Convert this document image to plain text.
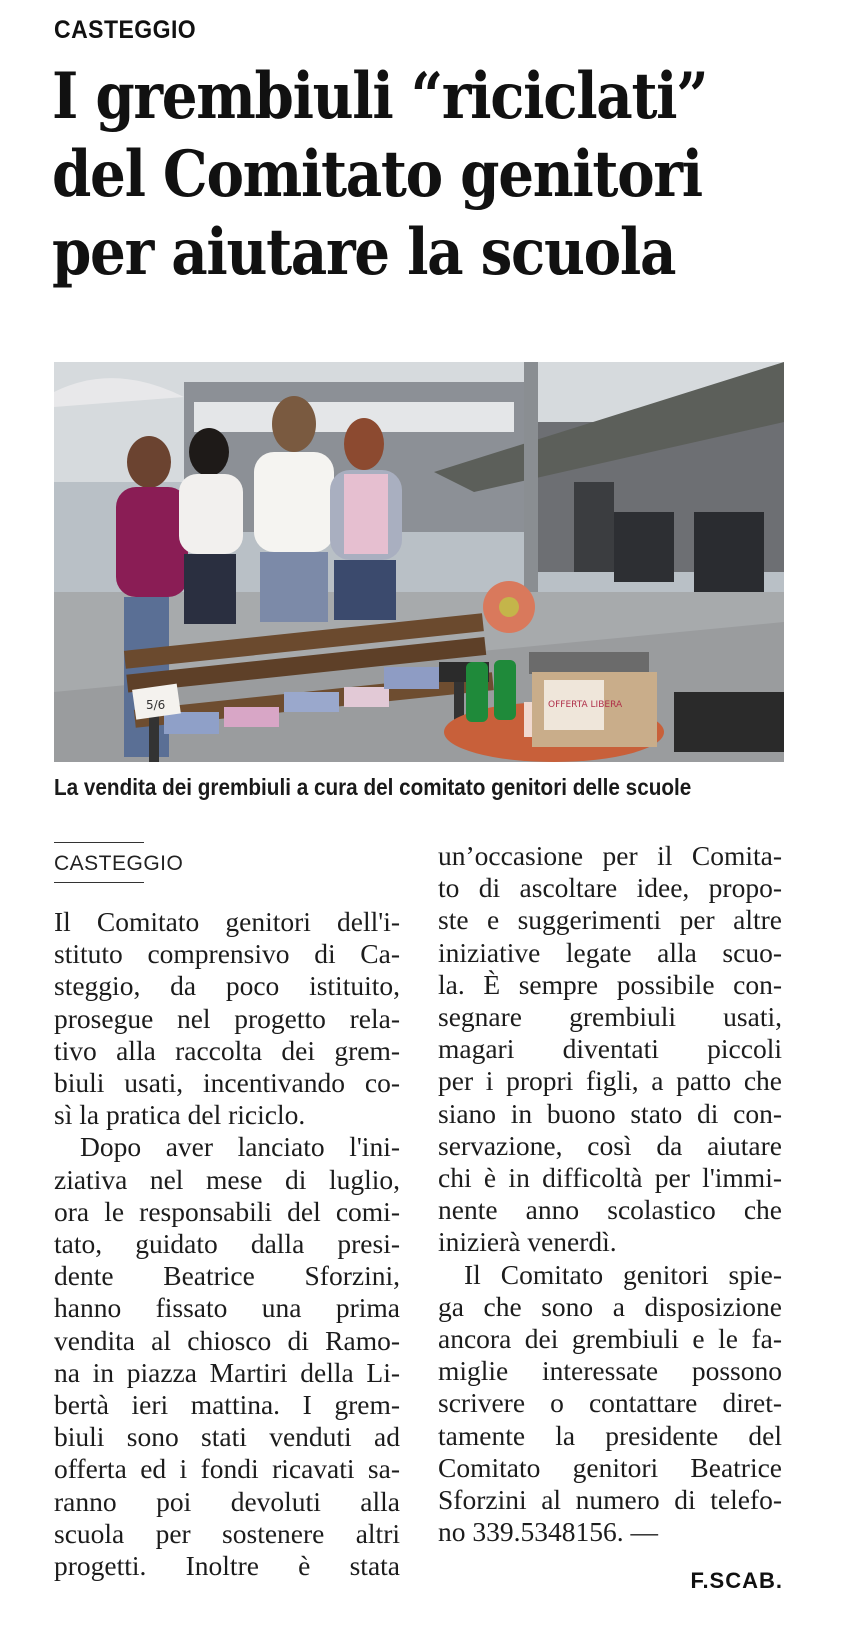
CASTEGGIO
I grembiuli “riciclati”
del Comitato genitori
per aiutare la scuola
5/6	OFFERTA LIBERA
La vendita dei grembiuli a cura del comitato genitori delle scuole
CASTEGGIO
Il Comitato genitori dell'i-
stituto comprensivo di Ca-
steggio, da poco istituito,
prosegue nel progetto rela-
tivo alla raccolta dei grem-
biuli usati, incentivando co-
sì la pratica del riciclo.
Dopo aver lanciato l'ini-
ziativa nel mese di luglio,
ora le responsabili del comi-
tato, guidato dalla presi-
dente Beatrice Sforzini,
hanno fissato una prima
vendita al chiosco di Ramo-
na in piazza Martiri della Li-
bertà ieri mattina. I grem-
biuli sono stati venduti ad
offerta ed i fondi ricavati sa-
ranno poi devoluti alla
scuola per sostenere altri
progetti. Inoltre è stata
un’occasione per il Comita-
to di ascoltare idee, propo-
ste e suggerimenti per altre
iniziative legate alla scuo-
la. È sempre possibile con-
segnare grembiuli usati,
magari diventati piccoli
per i propri figli, a patto che
siano in buono stato di con-
servazione, così da aiutare
chi è in difficoltà per l'immi-
nente anno scolastico che
inizierà venerdì.
Il Comitato genitori spie-
ga che sono a disposizione
ancora dei grembiuli e le fa-
miglie interessate possono
scrivere o contattare diret-
tamente la presidente del
Comitato genitori Beatrice
Sforzini al numero di telefo-
no 339.5348156. —
F.SCAB.
